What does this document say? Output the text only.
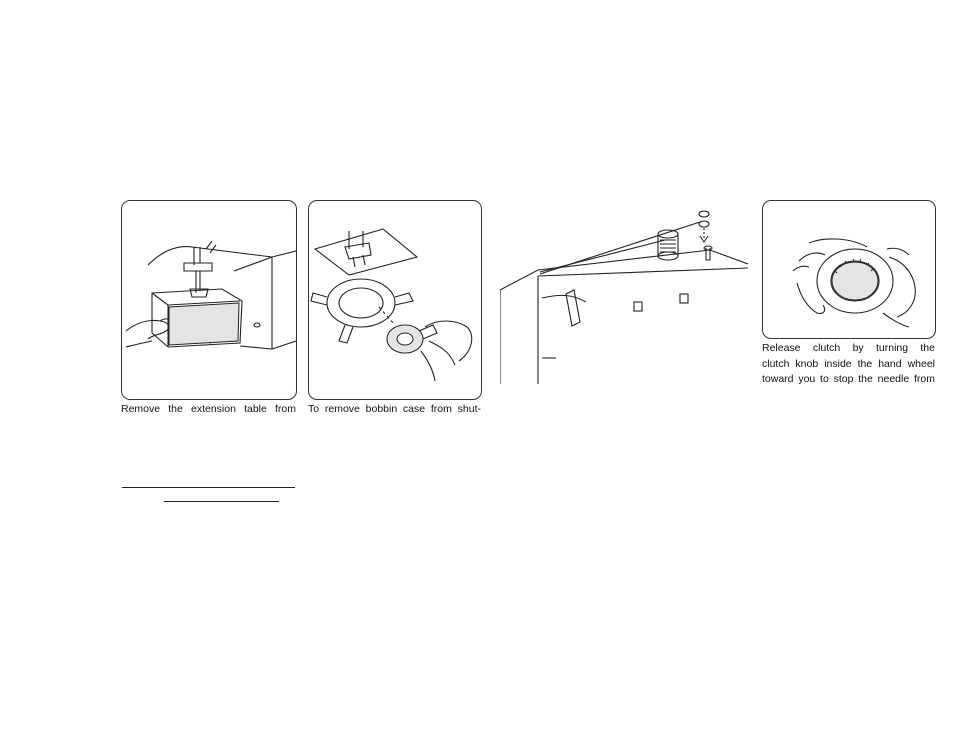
Remove the extension table from To remove bobbin case from shut-

Release clutch by turning the
clutch knob inside the hand wheel
toward you to stop the needle from
